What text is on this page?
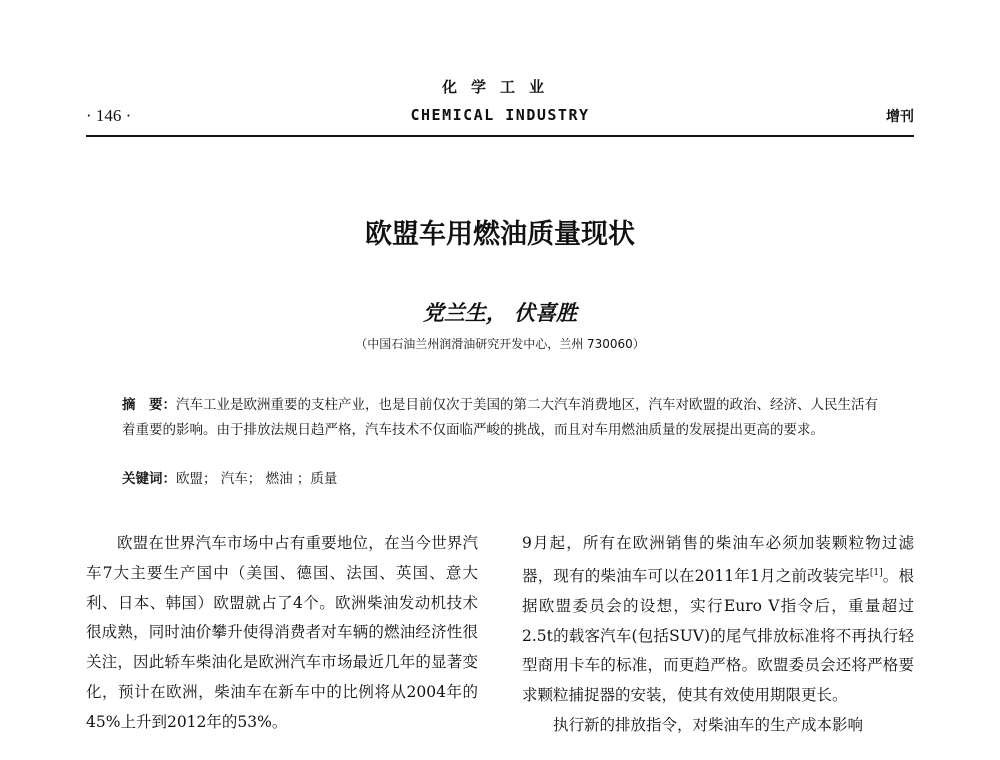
化学工业
· 146 ·	CHEMICAL INDUSTRY	增刊
欧盟车用燃油质量现状
党兰生， 伏喜胜
（中国石油兰州润滑油研究开发中心，兰州 730060）
摘　要：汽车工业是欧洲重要的支柱产业，也是目前仅次于美国的第二大汽车消费地区，汽车对欧盟的政治、经济、人民生活有着重要的影响。由于排放法规日趋严格，汽车技术不仅面临严峻的挑战，而且对车用燃油质量的发展提出更高的要求。
关键词：欧盟； 汽车； 燃油 ；质量

欧盟在世界汽车市场中占有重要地位，在当今世界汽车7大主要生产国中（美国、德国、法国、英国、意大利、日本、韩国）欧盟就占了4个。欧洲柴油发动机技术很成熟，同时油价攀升使得消费者对车辆的燃油经济性很关注，因此轿车柴油化是欧洲汽车市场最近几年的显著变化，预计在欧洲，柴油车在新车中的比例将从2004年的45%上升到2012年的53%。

9月起，所有在欧洲销售的柴油车必须加装颗粒物过滤器，现有的柴油车可以在2011年1月之前改装完毕[1]。根据欧盟委员会的设想，实行Euro V指令后，重量超过2.5t的载客汽车(包括SUV)的尾气排放标准将不再执行轻型商用卡车的标准，而更趋严格。欧盟委员会还将严格要求颗粒捕捉器的安装，使其有效使用期限更长。

执行新的排放指令，对柴油车的生产成本影响
